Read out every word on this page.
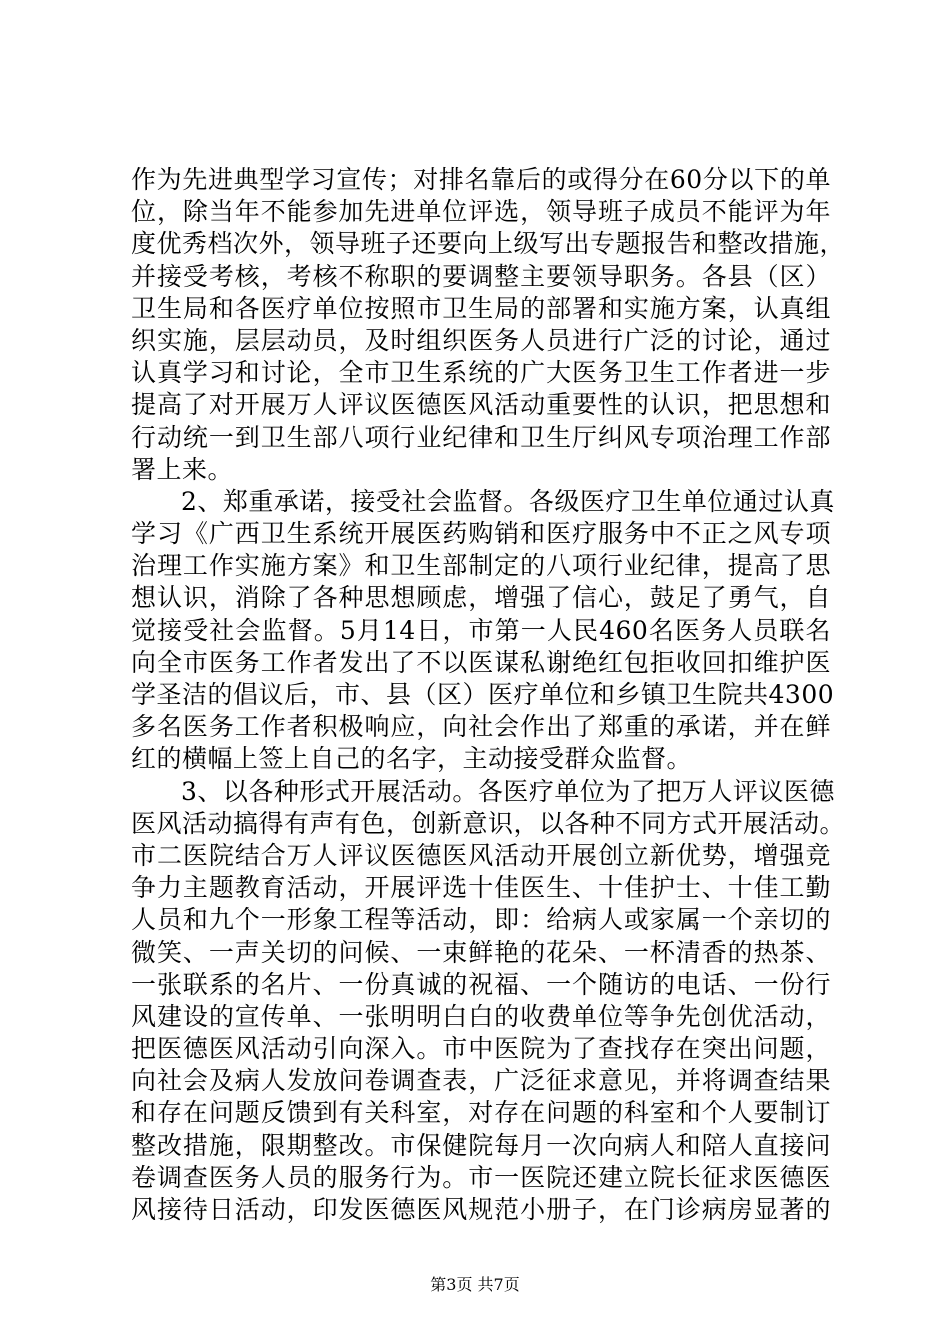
作为先进典型学习宣传；对排名靠后的或得分在60分以下的单
位，除当年不能参加先进单位评选，领导班子成员不能评为年
度优秀档次外，领导班子还要向上级写出专题报告和整改措施，
并接受考核，考核不称职的要调整主要领导职务。各县（区）
卫生局和各医疗单位按照市卫生局的部署和实施方案，认真组
织实施，层层动员，及时组织医务人员进行广泛的讨论，通过
认真学习和讨论，全市卫生系统的广大医务卫生工作者进一步
提高了对开展万人评议医德医风活动重要性的认识，把思想和
行动统一到卫生部八项行业纪律和卫生厅纠风专项治理工作部
署上来。
2、郑重承诺，接受社会监督。各级医疗卫生单位通过认真
学习《广西卫生系统开展医药购销和医疗服务中不正之风专项
治理工作实施方案》和卫生部制定的八项行业纪律，提高了思
想认识，消除了各种思想顾虑，增强了信心，鼓足了勇气，自
觉接受社会监督。5月14日，市第一人民460名医务人员联名
向全市医务工作者发出了不以医谋私谢绝红包拒收回扣维护医
学圣洁的倡议后，市、县（区）医疗单位和乡镇卫生院共4300
多名医务工作者积极响应，向社会作出了郑重的承诺，并在鲜
红的横幅上签上自己的名字，主动接受群众监督。
3、以各种形式开展活动。各医疗单位为了把万人评议医德
医风活动搞得有声有色，创新意识，以各种不同方式开展活动。
市二医院结合万人评议医德医风活动开展创立新优势，增强竞
争力主题教育活动，开展评选十佳医生、十佳护士、十佳工勤
人员和九个一形象工程等活动，即：给病人或家属一个亲切的
微笑、一声关切的问候、一束鲜艳的花朵、一杯清香的热茶、
一张联系的名片、一份真诚的祝福、一个随访的电话、一份行
风建设的宣传单、一张明明白白的收费单位等争先创优活动，
把医德医风活动引向深入。市中医院为了查找存在突出问题，
向社会及病人发放问卷调查表，广泛征求意见，并将调查结果
和存在问题反馈到有关科室，对存在问题的科室和个人要制订
整改措施，限期整改。市保健院每月一次向病人和陪人直接问
卷调查医务人员的服务行为。市一医院还建立院长征求医德医
风接待日活动，印发医德医风规范小册子，在门诊病房显著的
第3页 共7页
